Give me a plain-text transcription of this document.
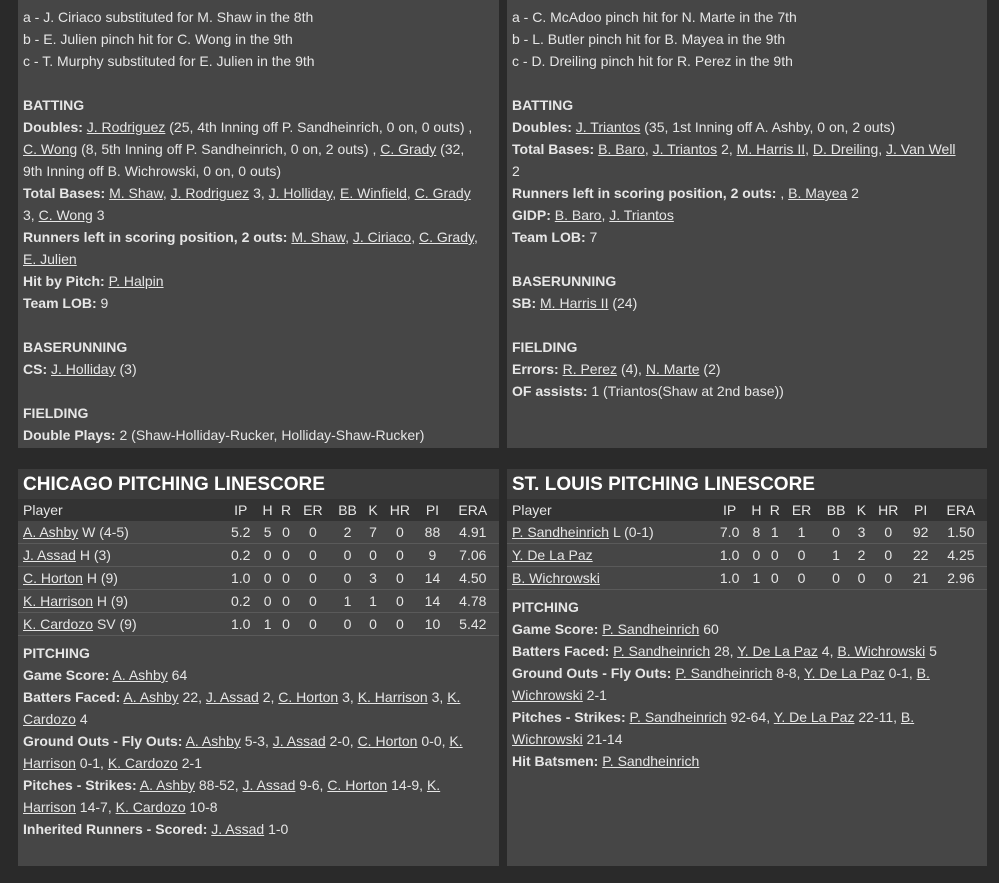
a - J. Ciriaco substituted for M. Shaw in the 8th
b - E. Julien pinch hit for C. Wong in the 9th
c - T. Murphy substituted for E. Julien in the 9th
BATTING
Doubles: J. Rodriguez (25, 4th Inning off P. Sandheinrich, 0 on, 0 outs) ,
C. Wong (8, 5th Inning off P. Sandheinrich, 0 on, 2 outs) , C. Grady (32,
9th Inning off B. Wichrowski, 0 on, 0 outs)
Total Bases: M. Shaw, J. Rodriguez 3, J. Holliday, E. Winfield, C. Grady
3, C. Wong 3
Runners left in scoring position, 2 outs: M. Shaw, J. Ciriaco, C. Grady,
E. Julien
Hit by Pitch: P. Halpin
Team LOB: 9
BASERUNNING
CS: J. Holliday (3)
FIELDING
Double Plays: 2 (Shaw-Holliday-Rucker, Holliday-Shaw-Rucker)
a - C. McAdoo pinch hit for N. Marte in the 7th
b - L. Butler pinch hit for B. Mayea in the 9th
c - D. Dreiling pinch hit for R. Perez in the 9th
BATTING
Doubles: J. Triantos (35, 1st Inning off A. Ashby, 0 on, 2 outs)
Total Bases: B. Baro, J. Triantos 2, M. Harris II, D. Dreiling, J. Van Well
2
Runners left in scoring position, 2 outs: , B. Mayea 2
GIDP: B. Baro, J. Triantos
Team LOB: 7
BASERUNNING
SB: M. Harris II (24)
FIELDING
Errors: R. Perez (4), N. Marte (2)
OF assists: 1 (Triantos(Shaw at 2nd base))
CHICAGO PITCHING LINESCORE
Player	IP	H	R	ER	BB	K	HR	PI	ERA
A. Ashby W (4-5)	5.2	5	0	0	2	7	0	88	4.91
J. Assad H (3)	0.2	0	0	0	0	0	0	9	7.06
C. Horton H (9)	1.0	0	0	0	0	3	0	14	4.50
K. Harrison H (9)	0.2	0	0	0	1	1	0	14	4.78
K. Cardozo SV (9)	1.0	1	0	0	0	0	0	10	5.42
PITCHING
Game Score: A. Ashby 64
Batters Faced: A. Ashby 22, J. Assad 2, C. Horton 3, K. Harrison 3, K. Cardozo 4
Ground Outs - Fly Outs: A. Ashby 5-3, J. Assad 2-0, C. Horton 0-0, K. Harrison 0-1, K. Cardozo 2-1
Pitches - Strikes: A. Ashby 88-52, J. Assad 9-6, C. Horton 14-9, K. Harrison 14-7, K. Cardozo 10-8
Inherited Runners - Scored: J. Assad 1-0
ST. LOUIS PITCHING LINESCORE
Player	IP	H	R	ER	BB	K	HR	PI	ERA
P. Sandheinrich L (0-1)	7.0	8	1	1	0	3	0	92	1.50
Y. De La Paz	1.0	0	0	0	1	2	0	22	4.25
B. Wichrowski	1.0	1	0	0	0	0	0	21	2.96
PITCHING
Game Score: P. Sandheinrich 60
Batters Faced: P. Sandheinrich 28, Y. De La Paz 4, B. Wichrowski 5
Ground Outs - Fly Outs: P. Sandheinrich 8-8, Y. De La Paz 0-1, B. Wichrowski 2-1
Pitches - Strikes: P. Sandheinrich 92-64, Y. De La Paz 22-11, B. Wichrowski 21-14
Hit Batsmen: P. Sandheinrich
